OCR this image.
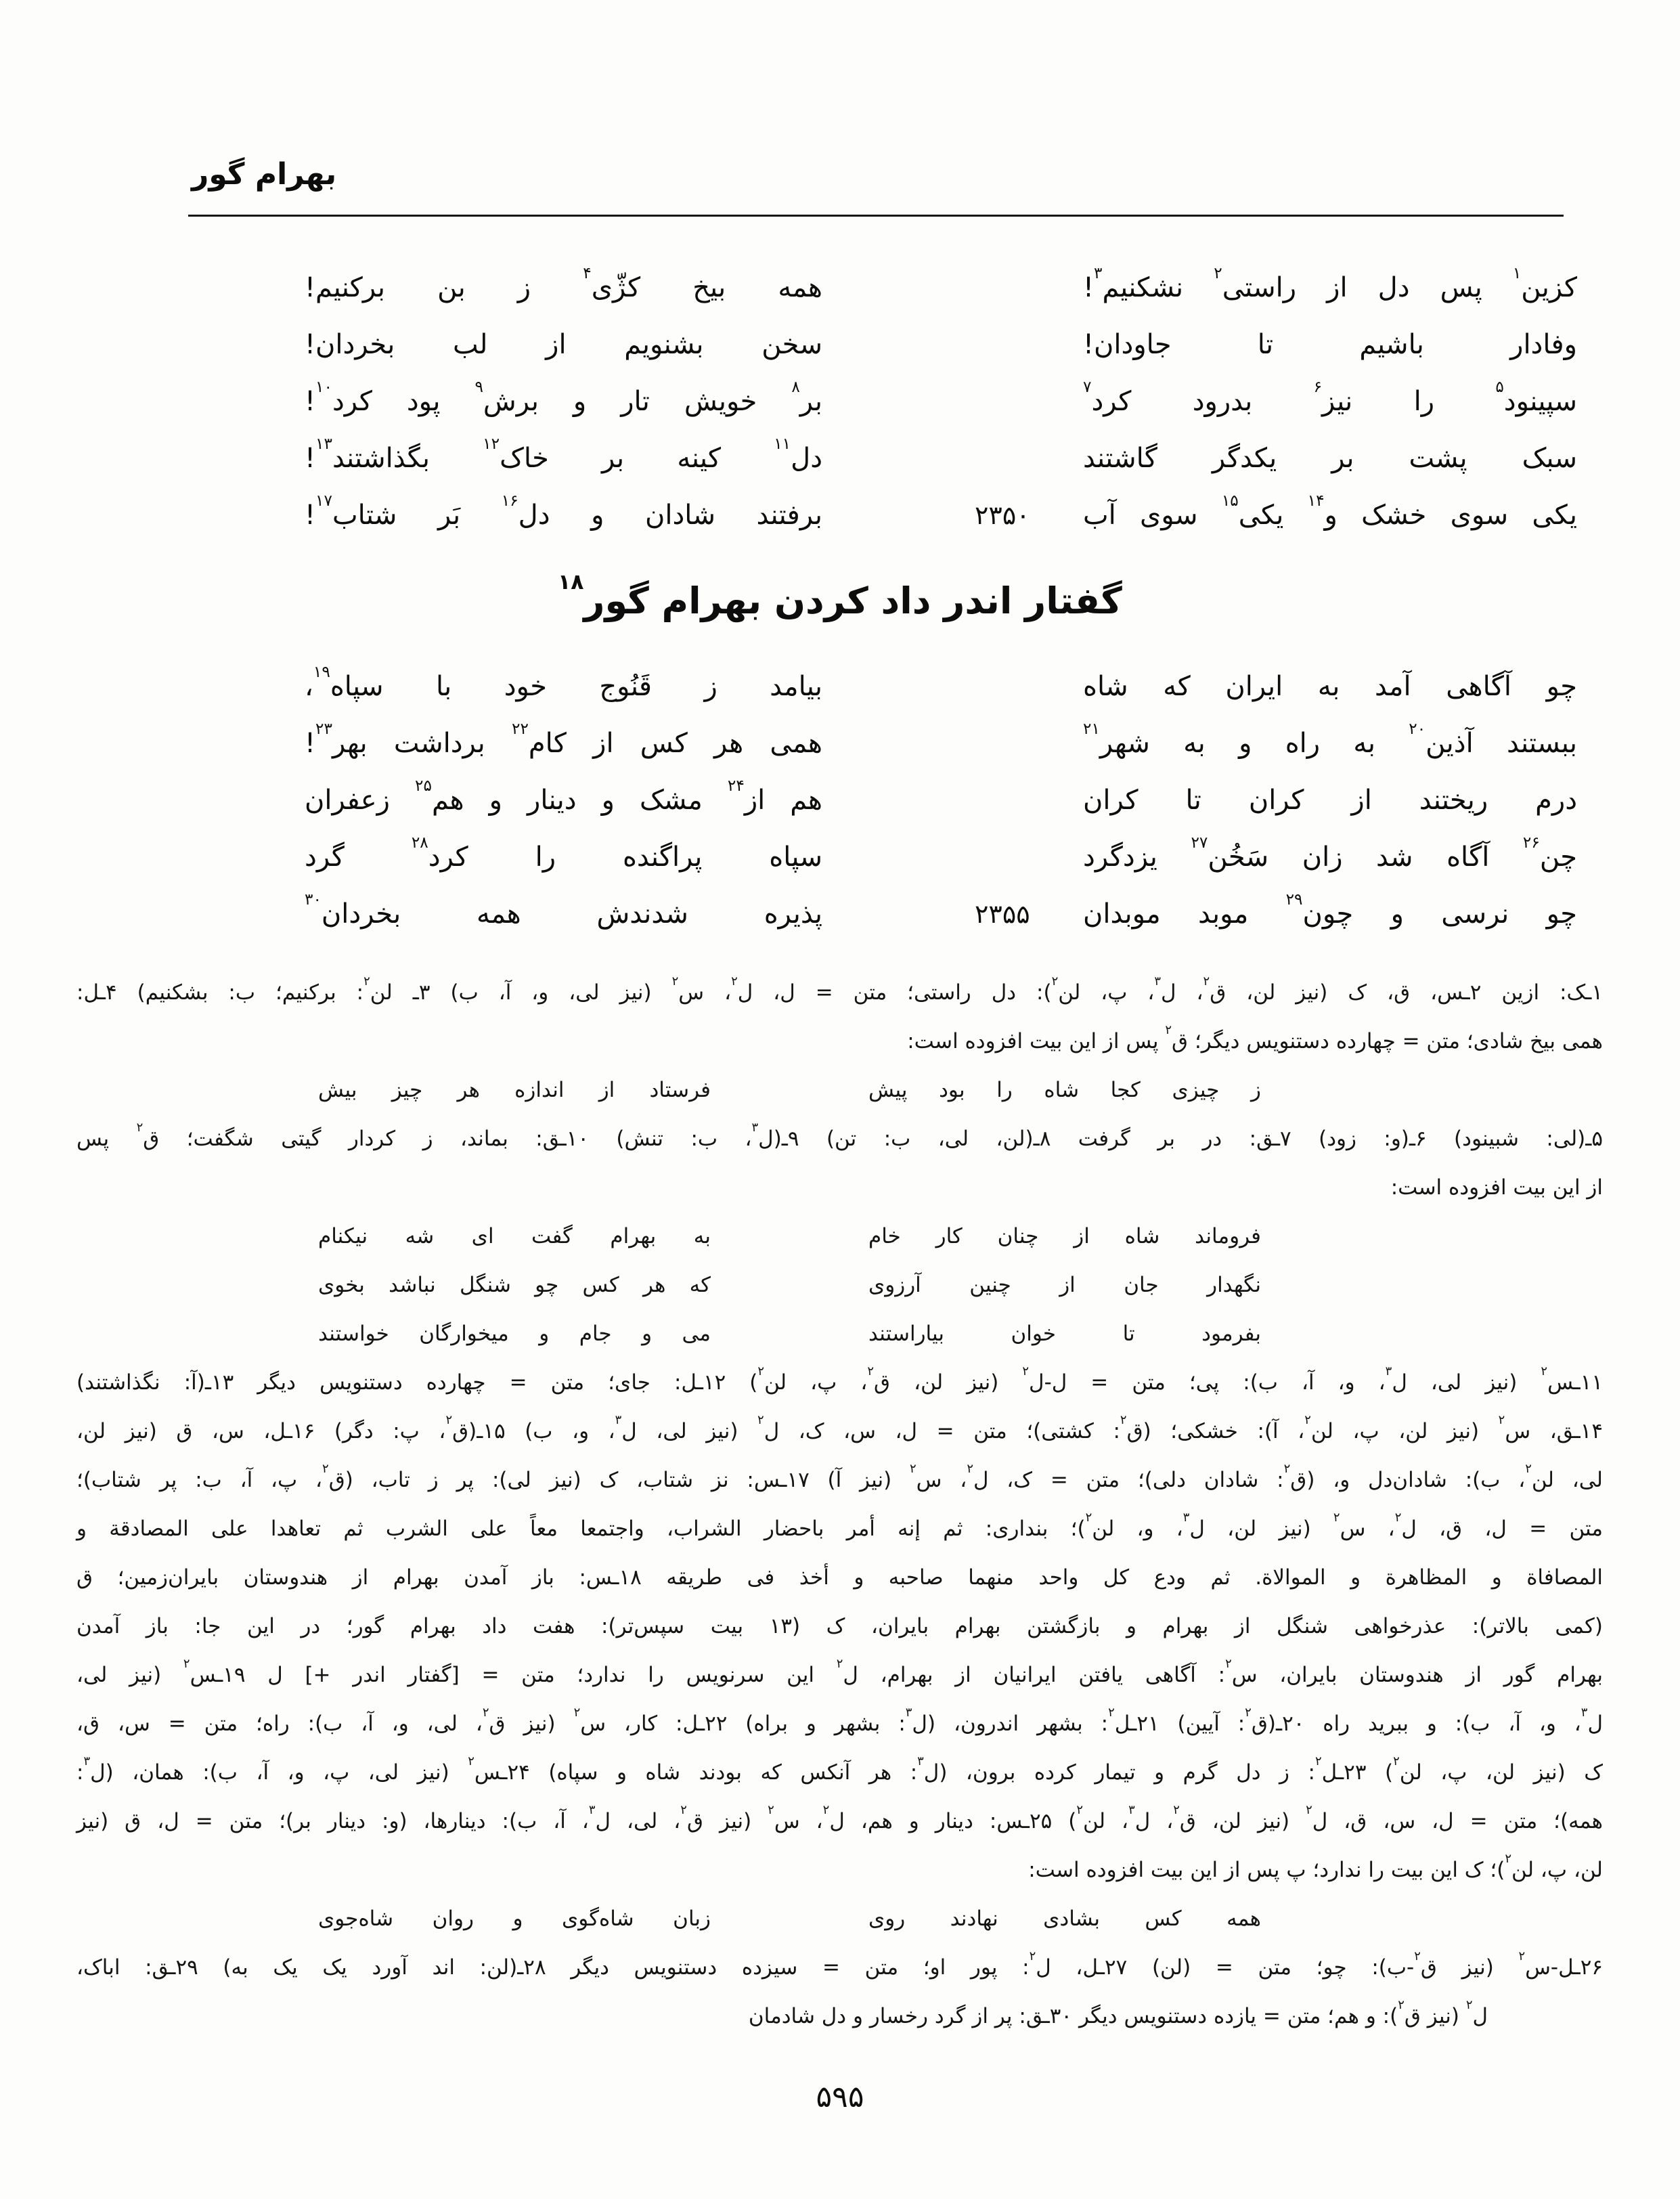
بهرام گور
کزین$^۱$ پس دل از راستی$^۲$ نشکنیم$^۳$!
همه بیخ کژّی$^۴$ ز بن برکنیم!
وفادار باشیم تا جاودان!
سخن بشنویم از لب بخردان!
سپینود$^۵$ را نیز$^۶$ بدرود کرد$^۷$
بر$^۸$ خویش تار و برش$^۹$ پود کرد$^{۱۰}$!
سبک پشت بر یکدگر گاشتند
دل$^{۱۱}$ کینه بر خاک$^{۱۲}$ بگذاشتند$^{۱۳}$!
۲۳۵۰	یکی سوی خشک و$^{۱۴}$ یکی$^{۱۵}$ سوی آب
برفتند شادان و دل$^{۱۶}$ بَر شتاب$^{۱۷}$!
گفتار اندر داد کردن بهرام گور$^{۱۸}$
چو آگاهی آمد به ایران که شاه
بیامد ز قَنُوج خود با سپاه$^{۱۹}$،
ببستند آذین$^{۲۰}$ به راه و به شهر$^{۲۱}$
همی هر کس از کام$^{۲۲}$ برداشت بهر$^{۲۳}$!
درم ریختند از کران تا کران
هم از$^{۲۴}$ مشک و دینار و هم$^{۲۵}$ زعفران
چن$^{۲۶}$ آگاه شد زان سَخُن$^{۲۷}$ یزدگرد
سپاه پراگنده را کرد$^{۲۸}$ گرد
۲۳۵۵	چو نرسی و چون$^{۲۹}$ موبد موبدان
پذیره شدندش همه بخردان$^{۳۰}$
۱ـک: ازین ۲ـس، ق، ک (نیز لن، ق$^۲$، ل$^۳$، پ، لن$^۲$): دل راستی؛ متن = ل، ل$^۲$، س$^۲$ (نیز لی، و، آ، ب) ۳ـ لن$^۲$: برکنیم؛ ب: بشکنیم) ۴ـل:
همی بیخ شادی؛ متن = چهارده دستنویس دیگر؛ ق$^۲$ پس از این بیت افزوده است:
ز چیزی کجا شاه را بود پیش
فرستاد از اندازه هر چیز بیش
۵ـ(لی: شبینود) ۶ـ(و: زود) ۷ـق: در بر گرفت ۸ـ(لن، لی، ب: تن) ۹ـ(ل$^۳$، ب: تنش) ۱۰ـق: بماند، ز کردار گیتی شگفت؛ ق$^۲$ پس
از این بیت افزوده است:
فروماند شاه از چنان کار خام
به بهرام گفت ای شه نیکنام
نگهدار جان از چنین آرزوی
که هر کس چو شنگل نباشد بخوی
بفرمود تا خوان بیاراستند
می و جام و میخوارگان خواستند
۱۱ـس$^۲$ (نیز لی، ل$^۳$، و، آ، ب): پی؛ متن = ل-ل$^۲$ (نیز لن، ق$^۲$، پ، لن$^۲$) ۱۲ـل: جای؛ متن = چهارده دستنویس دیگر ۱۳ـ(آ: نگذاشتند)
۱۴ـق، س$^۲$ (نیز لن، پ، لن$^۲$، آ): خشکی؛ (ق$^۲$: کشتی)؛ متن = ل، س، ک، ل$^۲$ (نیز لی، ل$^۳$، و، ب) ۱۵ـ(ق$^۲$، پ: دگر) ۱۶ـل، س، ق (نیز لن،
لی، لن$^۲$، ب): شادان‌دل و، (ق$^۲$: شادان دلی)؛ متن = ک، ل$^۲$، س$^۲$ (نیز آ) ۱۷ـس: نز شتاب، ک (نیز لی): پر ز تاب، (ق$^۲$، پ، آ، ب: پر شتاب)؛
متن = ل، ق، ل$^۲$، س$^۲$ (نیز لن، ل$^۳$، و، لن$^۲$)؛ بنداری: ثم إنه أمر باحضار الشراب، واجتمعا معاً علی الشرب ثم تعاهدا علی المصادقة و
المصافاة و المظاهرة و الموالاة. ثم ودع کل واحد منهما صاحبه و أخذ فی طریقه ۱۸ـس: باز آمدن بهرام از هندوستان بایران‌زمین؛ ق
(کمی بالاتر): عذرخواهی شنگل از بهرام و بازگشتن بهرام بایران، ک (۱۳ بیت سپس‌تر): هفت داد بهرام گور؛ در این جا: باز آمدن
بهرام گور از هندوستان بایران، س$^۲$: آگاهی یافتن ایرانیان از بهرام، ل$^۲$ این سرنویس را ندارد؛ متن = [گفتار اندر +] ل ۱۹ـس$^۲$ (نیز لی،
ل$^۳$، و، آ، ب): و ببرید راه ۲۰ـ(ق$^۲$: آیین) ۲۱ـل$^۲$: بشهر اندرون، (ل$^۳$: بشهر و براه) ۲۲ـل: کار، س$^۲$ (نیز ق$^۲$، لی، و، آ، ب): راه؛ متن = س، ق،
ک (نیز لن، پ، لن$^۲$) ۲۳ـل$^۲$: ز دل گرم و تیمار کرده برون، (ل$^۳$: هر آنکس که بودند شاه و سپاه) ۲۴ـس$^۲$ (نیز لی، پ، و، آ، ب): همان، (ل$^۳$:
همه)؛ متن = ل، س، ق، ل$^۲$ (نیز لن، ق$^۲$، ل$^۳$، لن$^۲$) ۲۵ـس: دینار و هم، ل$^۲$، س$^۲$ (نیز ق$^۲$، لی، ل$^۳$، آ، ب): دینارها، (و: دینار بر)؛ متن = ل، ق (نیز
لن، پ، لن$^۲$)؛ ک این بیت را ندارد؛ پ پس از این بیت افزوده است:
همه کس بشادی نهادند روی
زبان شاه‌گوی و روان شاه‌جوی
۲۶ـل-س$^۲$ (نیز ق$^۲$-ب): چو؛ متن = (لن) ۲۷ـل، ل$^۲$: پور او؛ متن = سیزده دستنویس دیگر ۲۸ـ(لن: اند آورد یک یک به) ۲۹ـق: اباک،
ل$^۲$ (نیز ق$^۲$): و هم؛ متن = یازده دستنویس دیگر ۳۰ـق: پر از گرد رخسار و دل شادمان
۵۹۵
